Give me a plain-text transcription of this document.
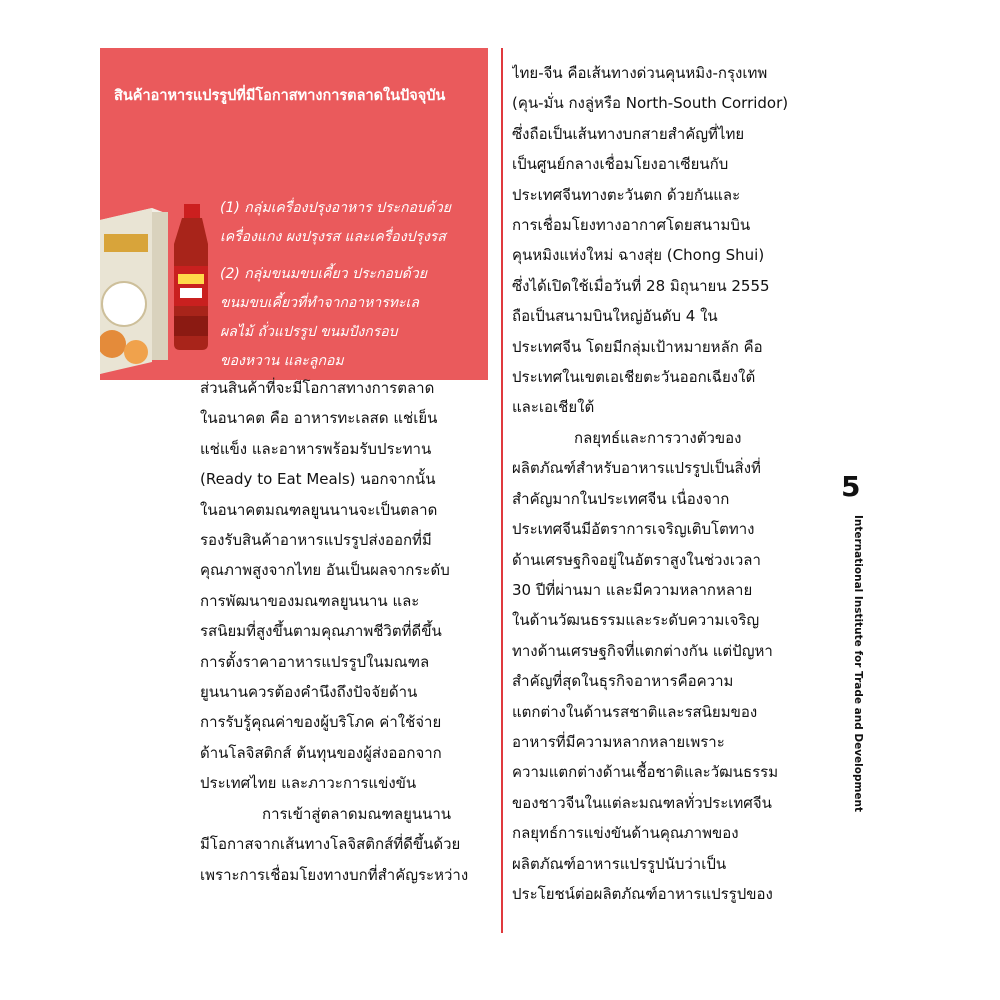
สินค้าอาหารแปรรูปที่มีโอกาสทางการตลาดในปัจจุบัน
(1) กลุ่มเครื่องปรุงอาหาร ประกอบด้วย
เครื่องแกง ผงปรุงรส และเครื่องปรุงรส
(2) กลุ่มขนมขบเคี้ยว ประกอบด้วย
ขนมขบเคี้ยวที่ทำจากอาหารทะเล
ผลไม้ ถั่วแปรรูป ขนมปังกรอบ
ของหวาน และลูกอม
ส่วนสินค้าที่จะมีโอกาสทางการตลาด
ในอนาคต คือ อาหารทะเลสด แช่เย็น
แช่แข็ง และอาหารพร้อมรับประทาน
(Ready to Eat Meals) นอกจากนั้น
ในอนาคตมณฑลยูนนานจะเป็นตลาด
รองรับสินค้าอาหารแปรรูปส่งออกที่มี
คุณภาพสูงจากไทย อันเป็นผลจากระดับ
การพัฒนาของมณฑลยูนนาน และ
รสนิยมที่สูงขึ้นตามคุณภาพชีวิตที่ดีขึ้น
การตั้งราคาอาหารแปรรูปในมณฑล
ยูนนานควรต้องคำนึงถึงปัจจัยด้าน
การรับรู้คุณค่าของผู้บริโภค ค่าใช้จ่าย
ด้านโลจิสติกส์ ต้นทุนของผู้ส่งออกจาก
ประเทศไทย และภาวะการแข่งขัน
การเข้าสู่ตลาดมณฑลยูนนาน
มีโอกาสจากเส้นทางโลจิสติกส์ที่ดีขึ้นด้วย
เพราะการเชื่อมโยงทางบกที่สำคัญระหว่าง
ไทย-จีน คือเส้นทางด่วนคุนหมิง-กรุงเทพ
(คุน-มั่น กงลู่หรือ North-South Corridor)
ซึ่งถือเป็นเส้นทางบกสายสำคัญที่ไทย
เป็นศูนย์กลางเชื่อมโยงอาเซียนกับ
ประเทศจีนทางตะวันตก ด้วยกันและ
การเชื่อมโยงทางอากาศโดยสนามบิน
คุนหมิงแห่งใหม่ ฉางสุ่ย (Chong Shui)
ซึ่งได้เปิดใช้เมื่อวันที่ 28 มิถุนายน 2555
ถือเป็นสนามบินใหญ่อันดับ 4 ใน
ประเทศจีน โดยมีกลุ่มเป้าหมายหลัก คือ
ประเทศในเขตเอเชียตะวันออกเฉียงใต้
และเอเชียใต้
กลยุทธ์และการวางตัวของ
ผลิตภัณฑ์สำหรับอาหารแปรรูปเป็นสิ่งที่
สำคัญมากในประเทศจีน เนื่องจาก
ประเทศจีนมีอัตราการเจริญเติบโตทาง
ด้านเศรษฐกิจอยู่ในอัตราสูงในช่วงเวลา
30 ปีที่ผ่านมา และมีความหลากหลาย
ในด้านวัฒนธรรมและระดับความเจริญ
ทางด้านเศรษฐกิจที่แตกต่างกัน แต่ปัญหา
สำคัญที่สุดในธุรกิจอาหารคือความ
แตกต่างในด้านรสชาติและรสนิยมของ
อาหารที่มีความหลากหลายเพราะ
ความแตกต่างด้านเชื้อชาติและวัฒนธรรม
ของชาวจีนในแต่ละมณฑลทั่วประเทศจีน
กลยุทธ์การแข่งขันด้านคุณภาพของ
ผลิตภัณฑ์อาหารแปรรูปนับว่าเป็น
ประโยชน์ต่อผลิตภัณฑ์อาหารแปรรูปของ
5
International Institute for Trade and Development
